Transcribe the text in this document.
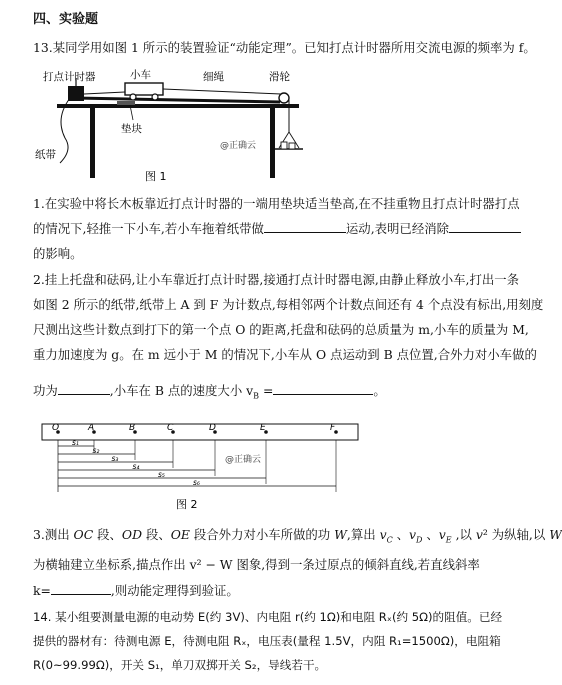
四、实验题
13.某同学用如图 1 所示的装置验证“动能定理”。已知打点计时器所用交流电源的频率为 f。
打点计时器	小车	细绳	滑轮
纸带
垫块
@正确云
图 1
1.在实验中将长木板靠近打点计时器的一端用垫块适当垫高,在不挂重物且打点计时器打点
的情况下,轻推一下小车,若小车拖着纸带做	运动,表明已经消除
的影响。
2.挂上托盘和砝码,让小车靠近打点计时器,接通打点计时器电源,由静止释放小车,打出一条
如图 2 所示的纸带,纸带上 A 到 F 为计数点,每相邻两个计数点间还有 4 个点没有标出,用刻度
尺测出这些计数点到打下的第一个点 O 的距离,托盘和砝码的总质量为 m,小车的质量为 M,
重力加速度为 g。在 m 远小于 M 的情况下,小车从 O 点运动到 B 点位置,合外力对小车做的
功为	,小车在 B 点的速度大小 $v_B$ =	。
O	A	B	C	D	E	F
s₁
s₂
s₃
s₄
s₅
s₆
@正确云
图 2
3.测出 OC 段、OD 段、OE 段合外力对小车所做的功 W,算出 $v_C$ 、$v_D$ 、$v_E$ ,以 v² 为纵轴,以 W
为横轴建立坐标系,描点作出 v² − W 图象,得到一条过原点的倾斜直线,若直线斜率
k=	,则动能定理得到验证。
14. 某小组要测量电源的电动势 E(约 3V)、内电阻 r(约 1Ω)和电阻 Rₓ(约 5Ω)的阻值。已经
提供的器材有：待测电源 E，待测电阻 Rₓ，电压表(量程 1.5V，内阻 R₁=1500Ω)，电阻箱
R(0~99.99Ω)，开关 S₁，单刀双掷开关 S₂，导线若干。
